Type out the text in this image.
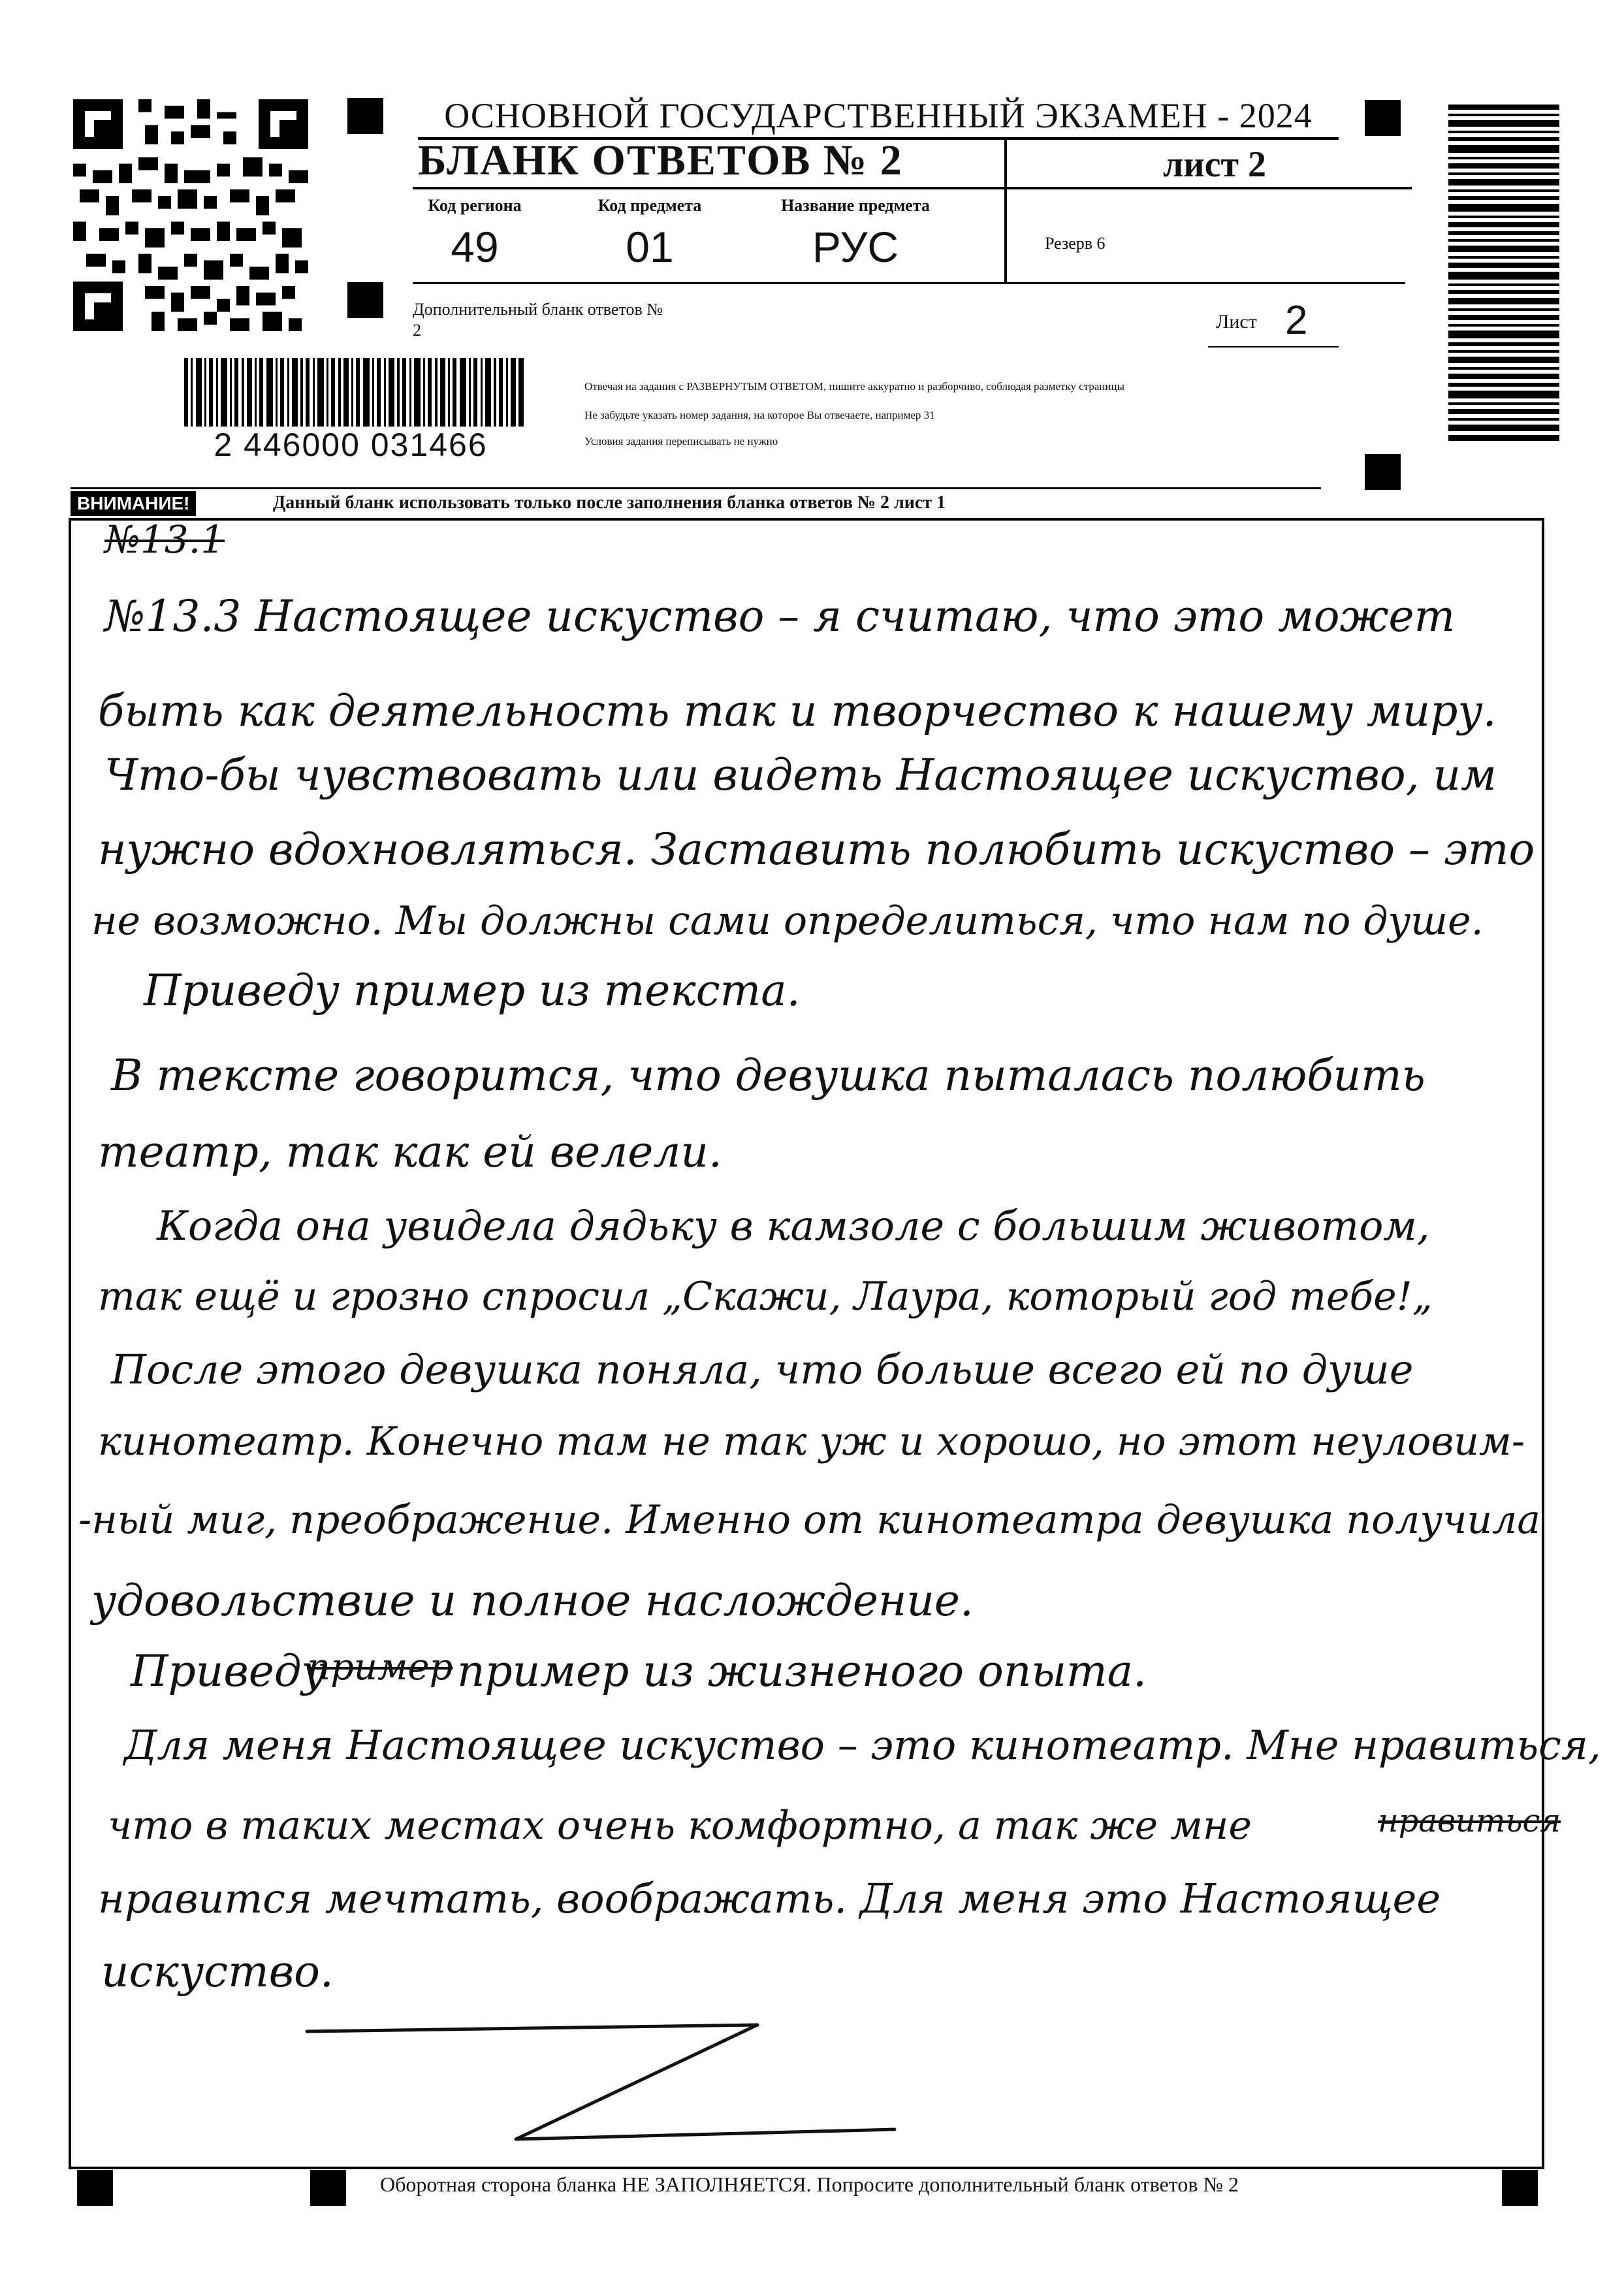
2 446000 031466
ОСНОВНОЙ ГОСУДАРСТВЕННЫЙ ЭКЗАМЕН - 2024
БЛАНК ОТВЕТОВ № 2	лист 2
Код региона
49
Код предмета
01
Название предмета
РУС	Резерв 6
Дополнительный бланк ответов № 2	Лист 2
Отвечая на задания с РАЗВЕРНУТЫМ ОТВЕТОМ, пишите аккуратно и разборчиво, соблюдая разметку страницы
Не забудьте указать номер задания, на которое Вы отвечаете, например 31
Условия задания переписывать не нужно
ВНИМАНИЕ!	Данный бланк использовать только после заполнения бланка ответов № 2 лист 1
№13.1
№13.3 Настоящее искуство – я считаю, что это может
быть как деятельность так и творчество к нашему миру.
Что-бы чувствовать или видеть Настоящее искуство, им
нужно вдохновляться. Заставить полюбить искуство – это
не возможно. Мы должны сами определиться, что нам по душе.
Приведу пример из текста.
В тексте говорится, что девушка пыталась полюбить
театр, так как ей велели.
Когда она увидела дядьку в камзоле с большим животом,
так ещё и грозно спросил „Скажи, Лаура, который год тебе!„
После этого девушка поняла, что больше всего ей по душе
кинотеатр. Конечно там не так уж и хорошо, но этот неуловим-
-ный миг, преображение. Именно от кинотеатра девушка получила
удовольствие и полное наслождение.
Приведу
пример пример из жизненого опыта.
Для меня Настоящее искуство – это кинотеатр. Мне нравиться,
что в таких местах очень комфортно, а так же мне	нравиться
нравится мечтать, воображать. Для меня это Настоящее
искуство.
Оборотная сторона бланка НЕ ЗАПОЛНЯЕТСЯ. Попросите дополнительный бланк ответов № 2
